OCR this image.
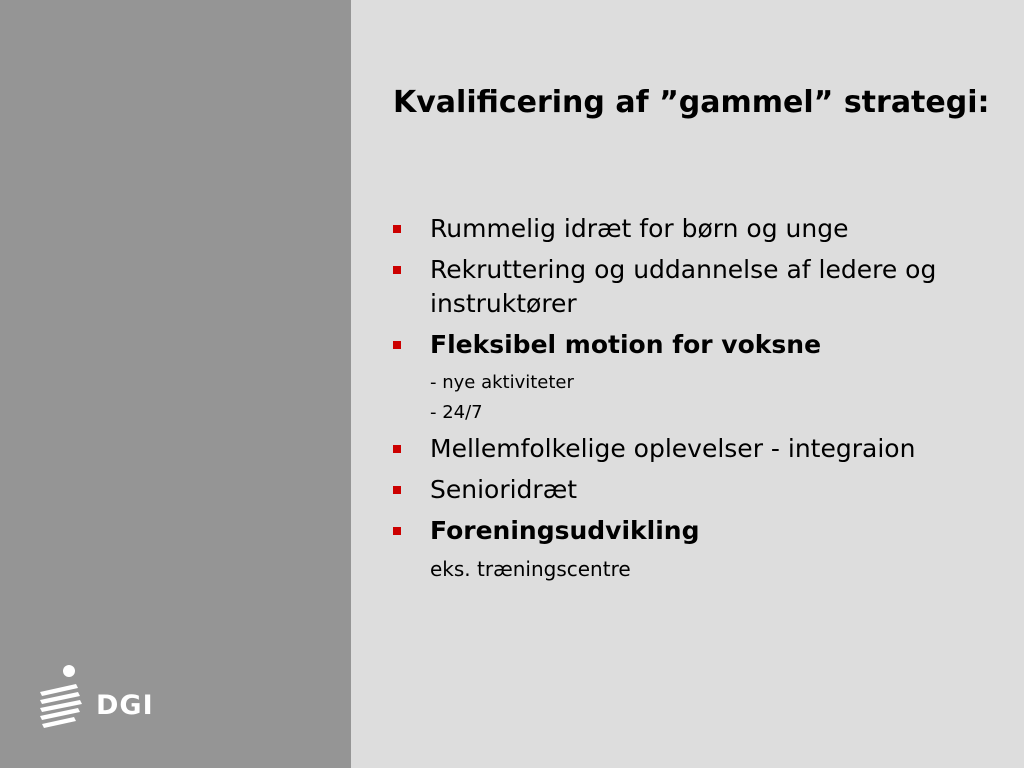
DGI
Kvalificering af ”gammel” strategi:
Rummelig idræt for børn og unge
Rekruttering og uddannelse af ledere og instruktører
Fleksibel motion for voksne
- nye aktiviteter
- 24/7
Mellemfolkelige oplevelser - integraion
Senioridræt
Foreningsudvikling
eks. træningscentre
